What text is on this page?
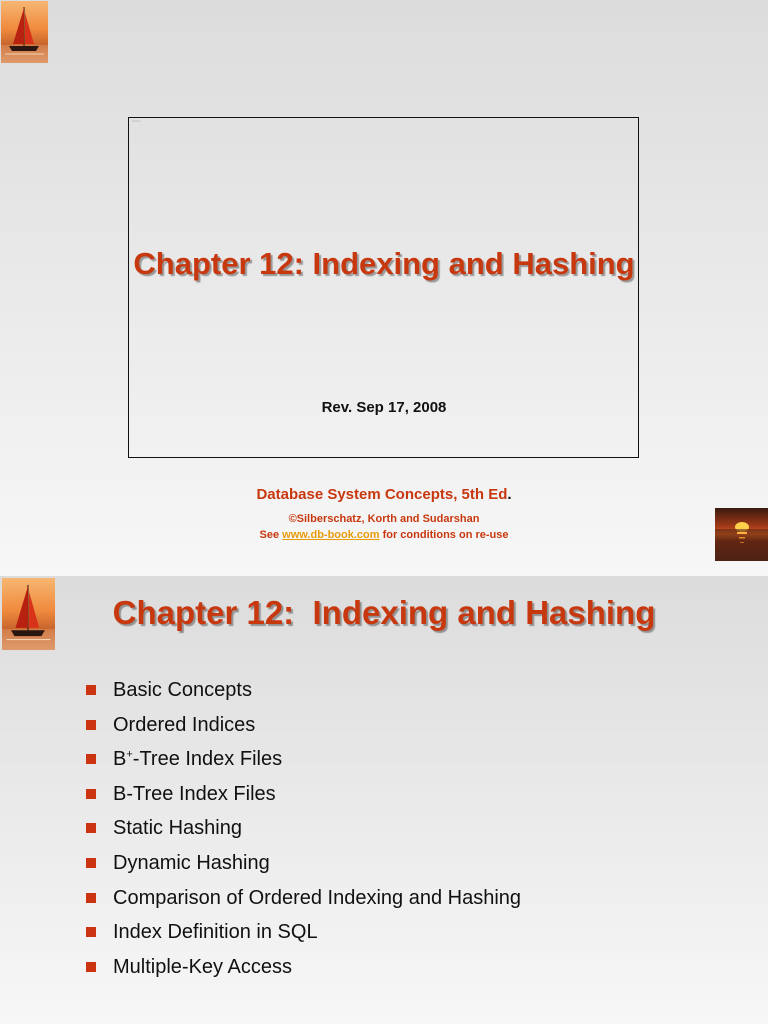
▫▫▫▫▫▫▫▫
Chapter 12: Indexing and Hashing
Rev. Sep 17, 2008
Database System Concepts, 5th Ed.
©Silberschatz, Korth and Sudarshan
See www.db-book.com for conditions on re-use
Chapter 12:  Indexing and Hashing
Basic Concepts
Ordered Indices
B+-Tree Index Files
B-Tree Index Files
Static Hashing
Dynamic Hashing
Comparison of Ordered Indexing and Hashing
Index Definition in SQL
Multiple-Key Access
